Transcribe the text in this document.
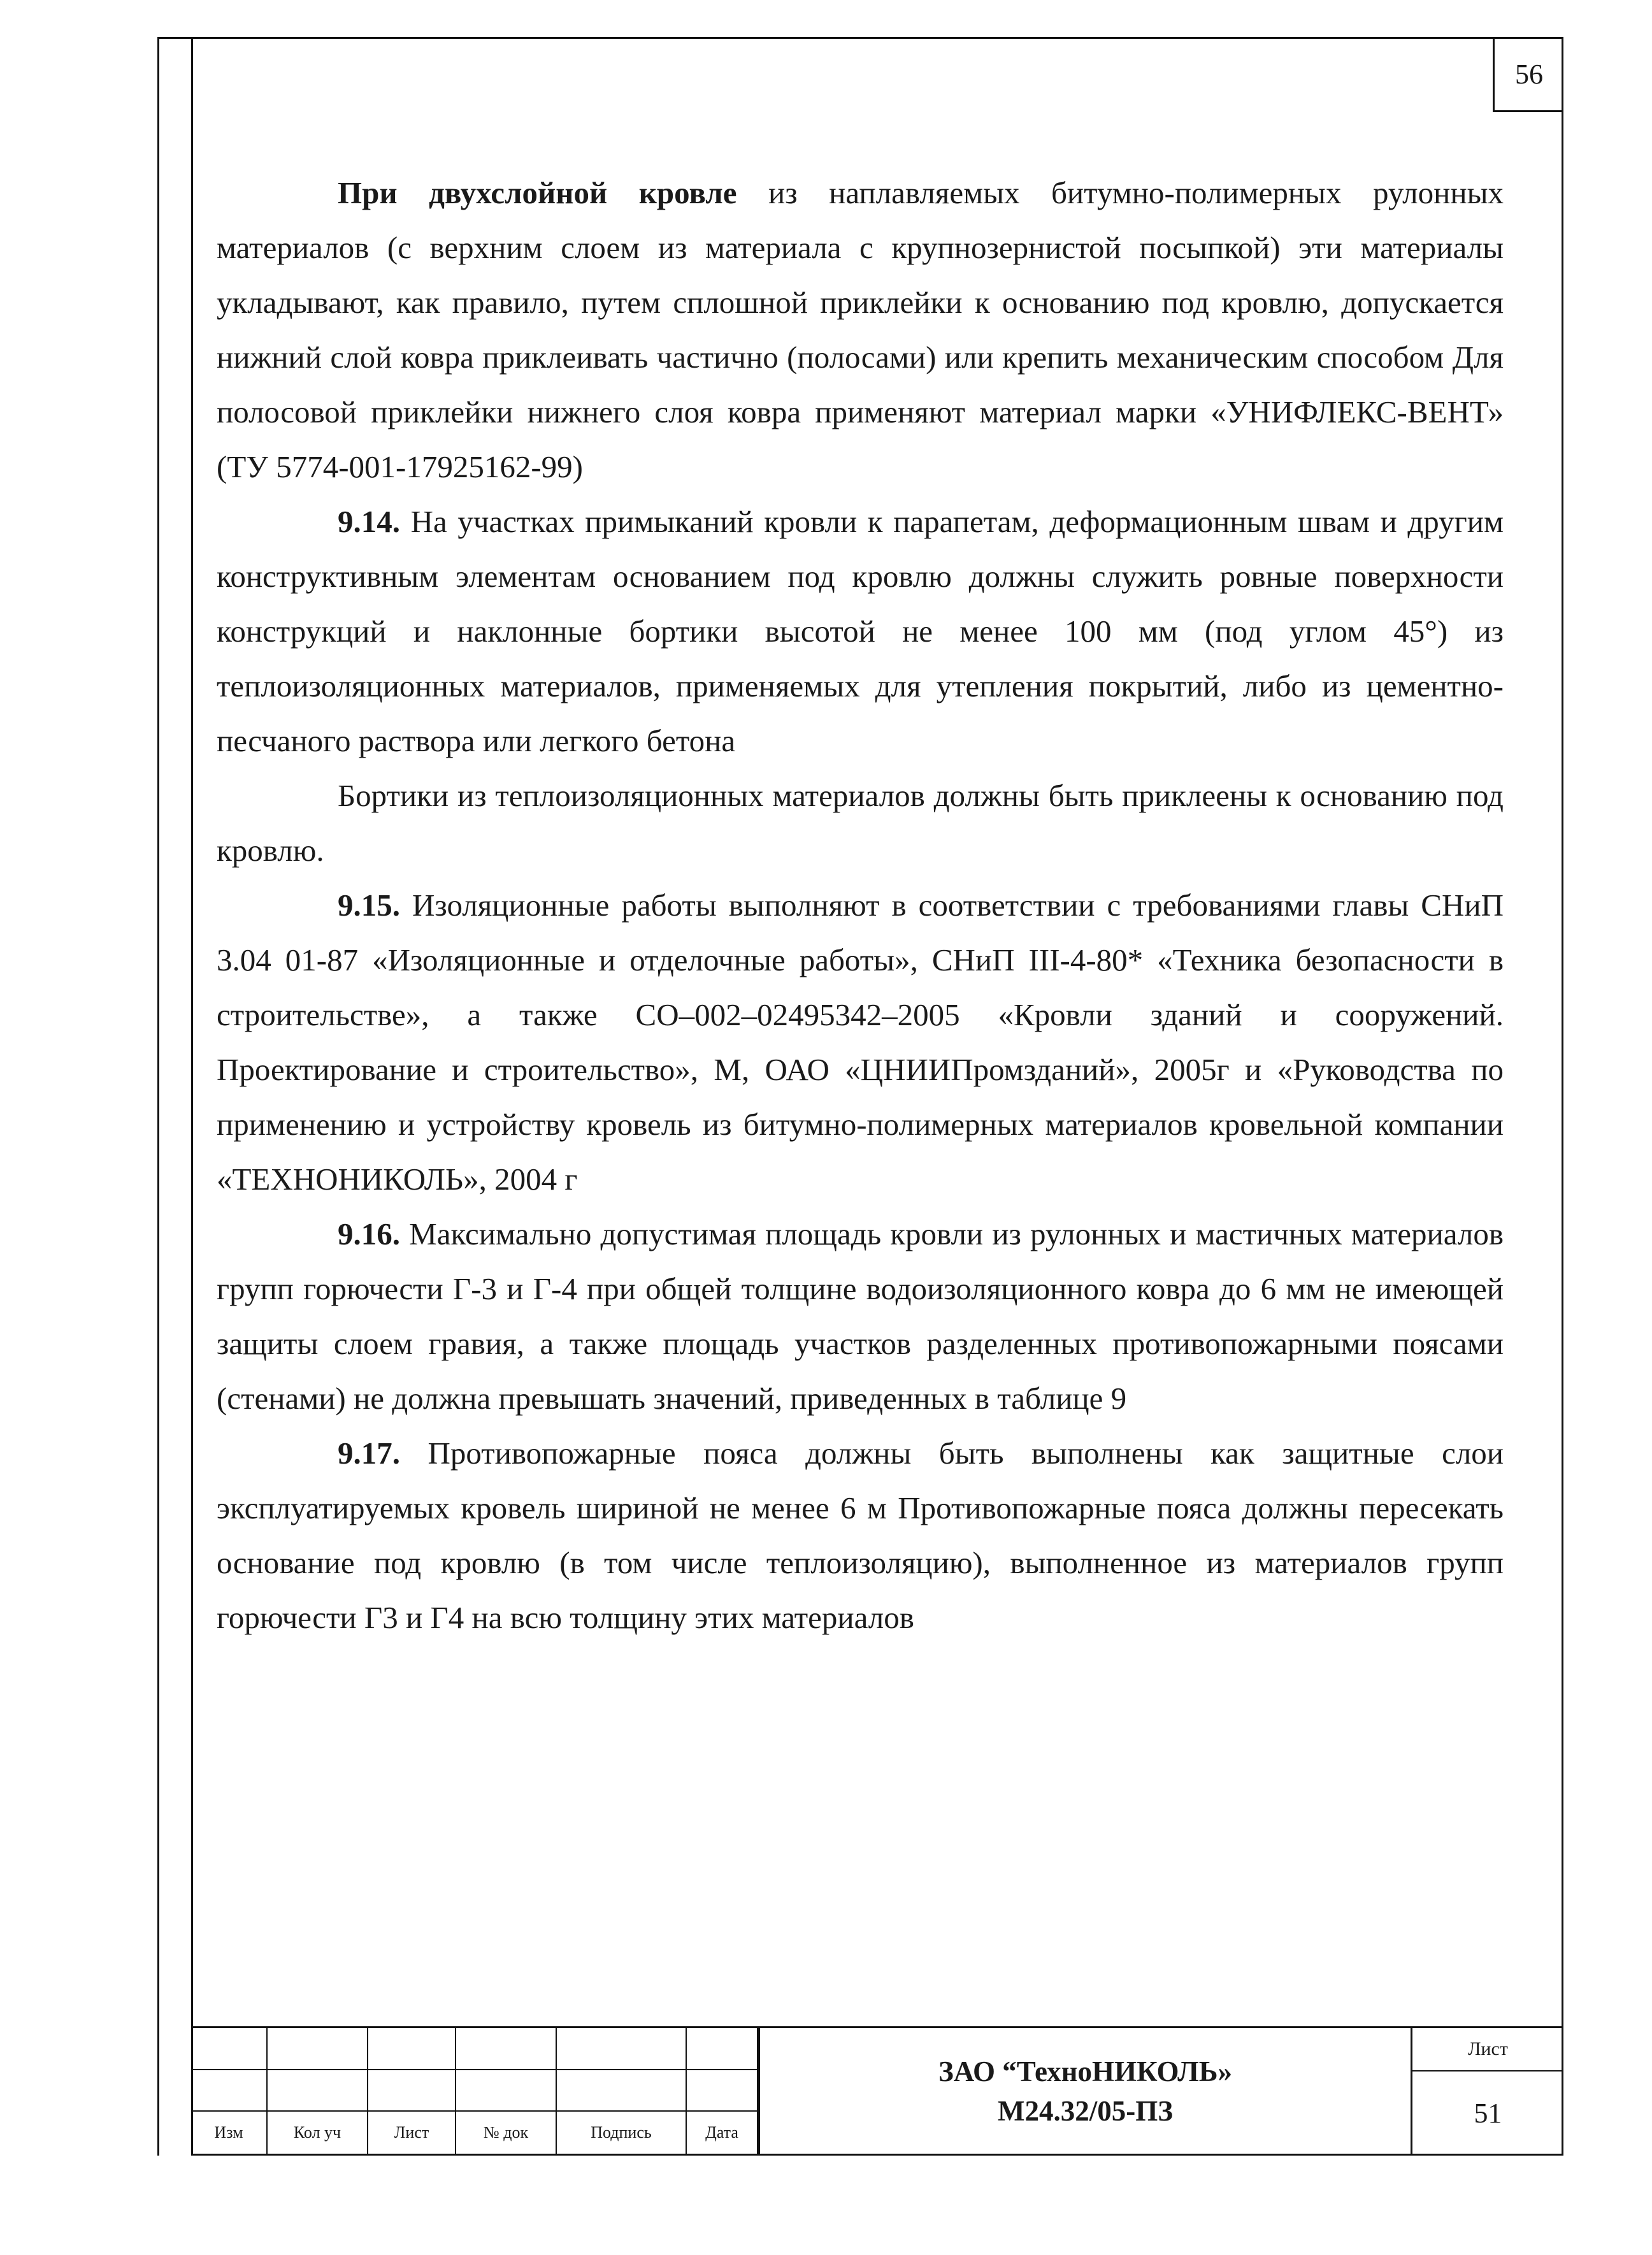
56

При двухслойной кровле из наплавляемых битумно-полимерных рулонных материалов (с верхним слоем из материала с крупнозернистой посыпкой) эти материалы укладывают, как правило, путем сплошной приклейки к основанию под кровлю, допускается нижний слой ковра приклеивать частично (полосами) или крепить механическим способом Для полосовой приклейки нижнего слоя ковра применяют материал марки «УНИФЛЕКС-ВЕНТ» (ТУ 5774-001-17925162-99)

9.14. На участках примыканий кровли к парапетам, деформационным швам и другим конструктивным элементам основанием под кровлю должны служить ровные поверхности конструкций и наклонные бортики высотой не менее 100 мм (под углом 45°) из теплоизоляционных материалов, применяемых для утепления покрытий, либо из цементно-песчаного раствора или легкого бетона

Бортики из теплоизоляционных материалов должны быть приклеены к основанию под кровлю.

9.15. Изоляционные работы выполняют в соответствии с требованиями главы СНиП 3.04 01-87 «Изоляционные и отделочные работы», СНиП III-4-80* «Техника безопасности в строительстве», а также СО–002–02495342–2005 «Кровли зданий и сооружений. Проектирование и строительство», М, ОАО «ЦНИИПромзданий», 2005г и «Руководства по применению и устройству кровель из битумно-полимерных материалов кровельной компании «ТЕХНОНИКОЛЬ», 2004 г

9.16. Максимально допустимая площадь кровли из рулонных и мастичных материалов групп горючести Г-3 и Г-4 при общей толщине водоизоляционного ковра до 6 мм не имеющей защиты слоем гравия, а также площадь участков разделенных противопожарными поясами (стенами) не должна превышать значений, приведенных в таблице 9

9.17. Противопожарные пояса должны быть выполнены как защитные слои эксплуатируемых кровель шириной не менее 6 м Противопожарные пояса должны пересекать основание под кровлю (в том числе теплоизоляцию), выполненное из материалов групп горючести Г3 и Г4 на всю толщину этих материалов

Изм	Кол уч	Лист	№ док	Подпись	Дата
ЗАО “ТехноНИКОЛЬ»
М24.32/05-ПЗ
Лист
51
